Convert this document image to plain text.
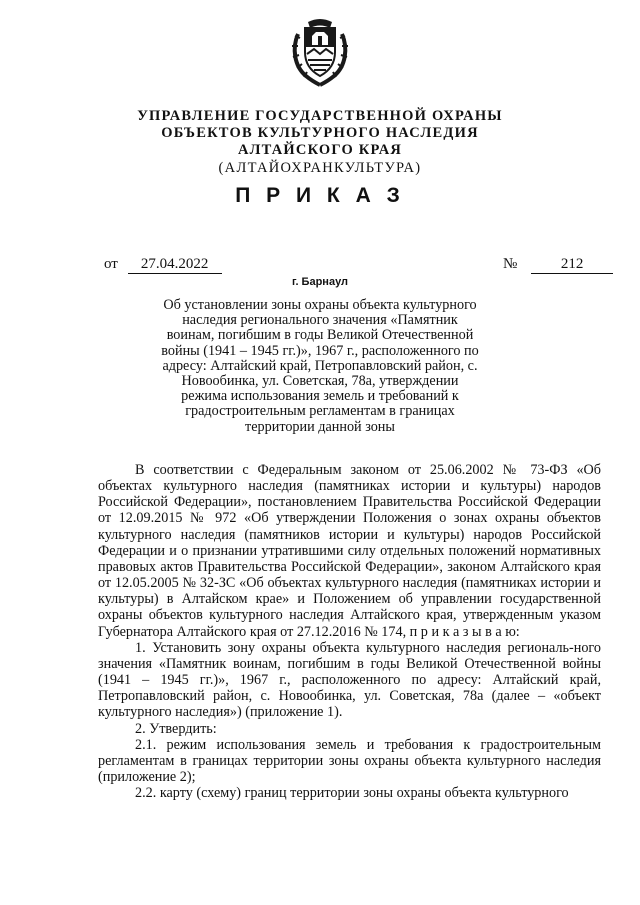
УПРАВЛЕНИЕ ГОСУДАРСТВЕННОЙ ОХРАНЫ
ОБЪЕКТОВ КУЛЬТУРНОГО НАСЛЕДИЯ
АЛТАЙСКОГО КРАЯ
(АЛТАЙОХРАНКУЛЬТУРА)
П Р И К А З
от 27.04.2022	№	212
г. Барнаул
Об установлении зоны охраны объекта культурного наследия регионального значения «Памятник воинам, погибшим в годы Великой Отечественной войны (1941 – 1945 гг.)», 1967 г., расположенного по адресу: Алтайский край, Петропавловский район, с. Новообинка, ул. Советская, 78а, утверждении режима использования земель и требований к градостроительным регламентам в границах территории данной зоны

В соответствии с Федеральным законом от 25.06.2002 № 73-ФЗ «Об объектах культурного наследия (памятниках истории и культуры) народов Российской Федерации», постановлением Правительства Российской Федерации от 12.09.2015 № 972 «Об утверждении Положения о зонах охраны объектов культурного наследия (памятников истории и культуры) народов Российской Федерации и о признании утратившими силу отдельных положений нормативных правовых актов Правительства Российской Федерации», законом Алтайского края от 12.05.2005 № 32-ЗС «Об объектах культурного наследия (памятниках истории и культуры) в Алтайском крае» и Положением об управлении государственной охраны объектов культурного наследия Алтайского края, утвержденным указом Губернатора Алтайского края от 27.12.2016 № 174, п р и к а з ы в а ю:

1. Установить зону охраны объекта культурного наследия региональ-ного значения «Памятник воинам, погибшим в годы Великой Отечественной войны (1941 – 1945 гг.)», 1967 г., расположенного по адресу: Алтайский край, Петропавловский район, с. Новообинка, ул. Советская, 78а (далее – «объект культурного наследия») (приложение 1).

2. Утвердить:

2.1. режим использования земель и требования к градостроительным регламентам в границах территории зоны охраны объекта культурного наследия (приложение 2);

2.2. карту (схему) границ территории зоны охраны объекта культурного
